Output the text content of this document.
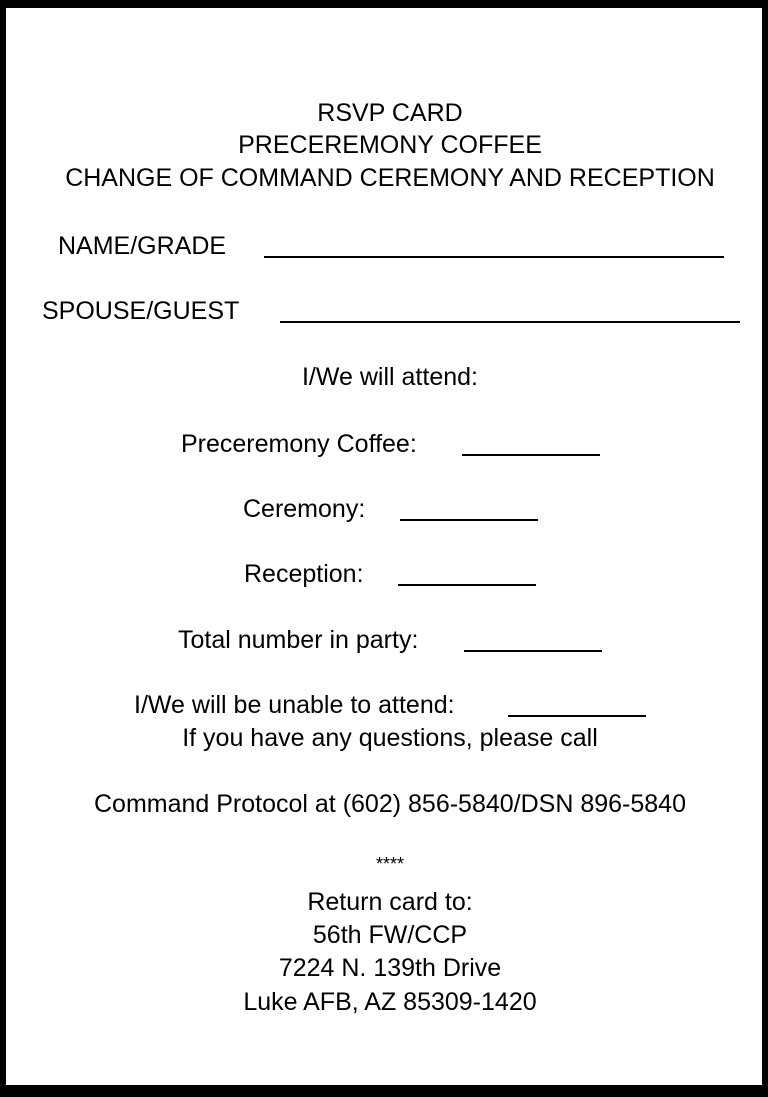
RSVP CARD
PRECEREMONY COFFEE
CHANGE OF COMMAND CEREMONY AND RECEPTION
NAME/GRADE
SPOUSE/GUEST
I/We will attend:
Preceremony Coffee:
Ceremony:
Reception:
Total number in party:
I/We will be unable to attend:
If you have any questions, please call
Command Protocol at (602) 856-5840/DSN 896-5840
****
Return card to:
56th FW/CCP
7224 N. 139th Drive
Luke AFB, AZ 85309-1420
